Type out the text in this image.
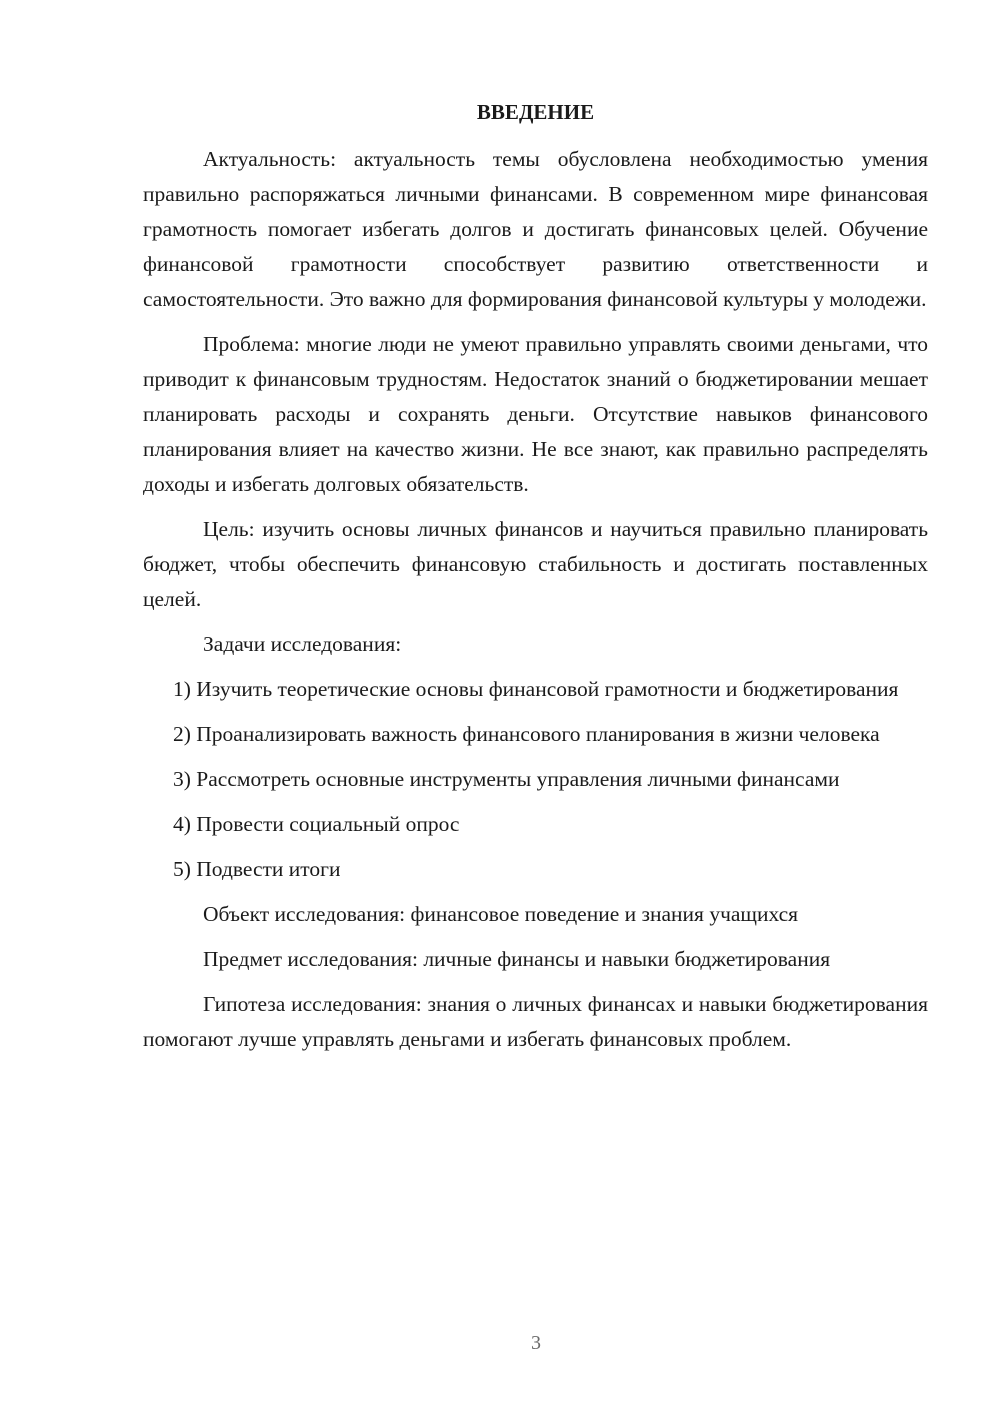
ВВЕДЕНИЕ

Актуальность: актуальность темы обусловлена необходимостью умения правильно распоряжаться личными финансами. В современном мире финансовая грамотность помогает избегать долгов и достигать финансовых целей. Обучение финансовой грамотности способствует развитию ответственности и самостоятельности. Это важно для формирования финансовой культуры у молодежи.

Проблема: многие люди не умеют правильно управлять своими деньгами, что приводит к финансовым трудностям. Недостаток знаний о бюджетировании мешает планировать расходы и сохранять деньги. Отсутствие навыков финансового планирования влияет на качество жизни. Не все знают, как правильно распределять доходы и избегать долговых обязательств.

Цель: изучить основы личных финансов и научиться правильно планировать бюджет, чтобы обеспечить финансовую стабильность и достигать поставленных целей.

Задачи исследования:

1) Изучить теоретические основы финансовой грамотности и бюджетирования

2) Проанализировать важность финансового планирования в жизни человека

3) Рассмотреть основные инструменты управления личными финансами

4) Провести социальный опрос

5) Подвести итоги

Объект исследования: финансовое поведение и знания учащихся

Предмет исследования: личные финансы и навыки бюджетирования

Гипотеза исследования: знания о личных финансах и навыки бюджетирования помогают лучше управлять деньгами и избегать финансовых проблем.

3
